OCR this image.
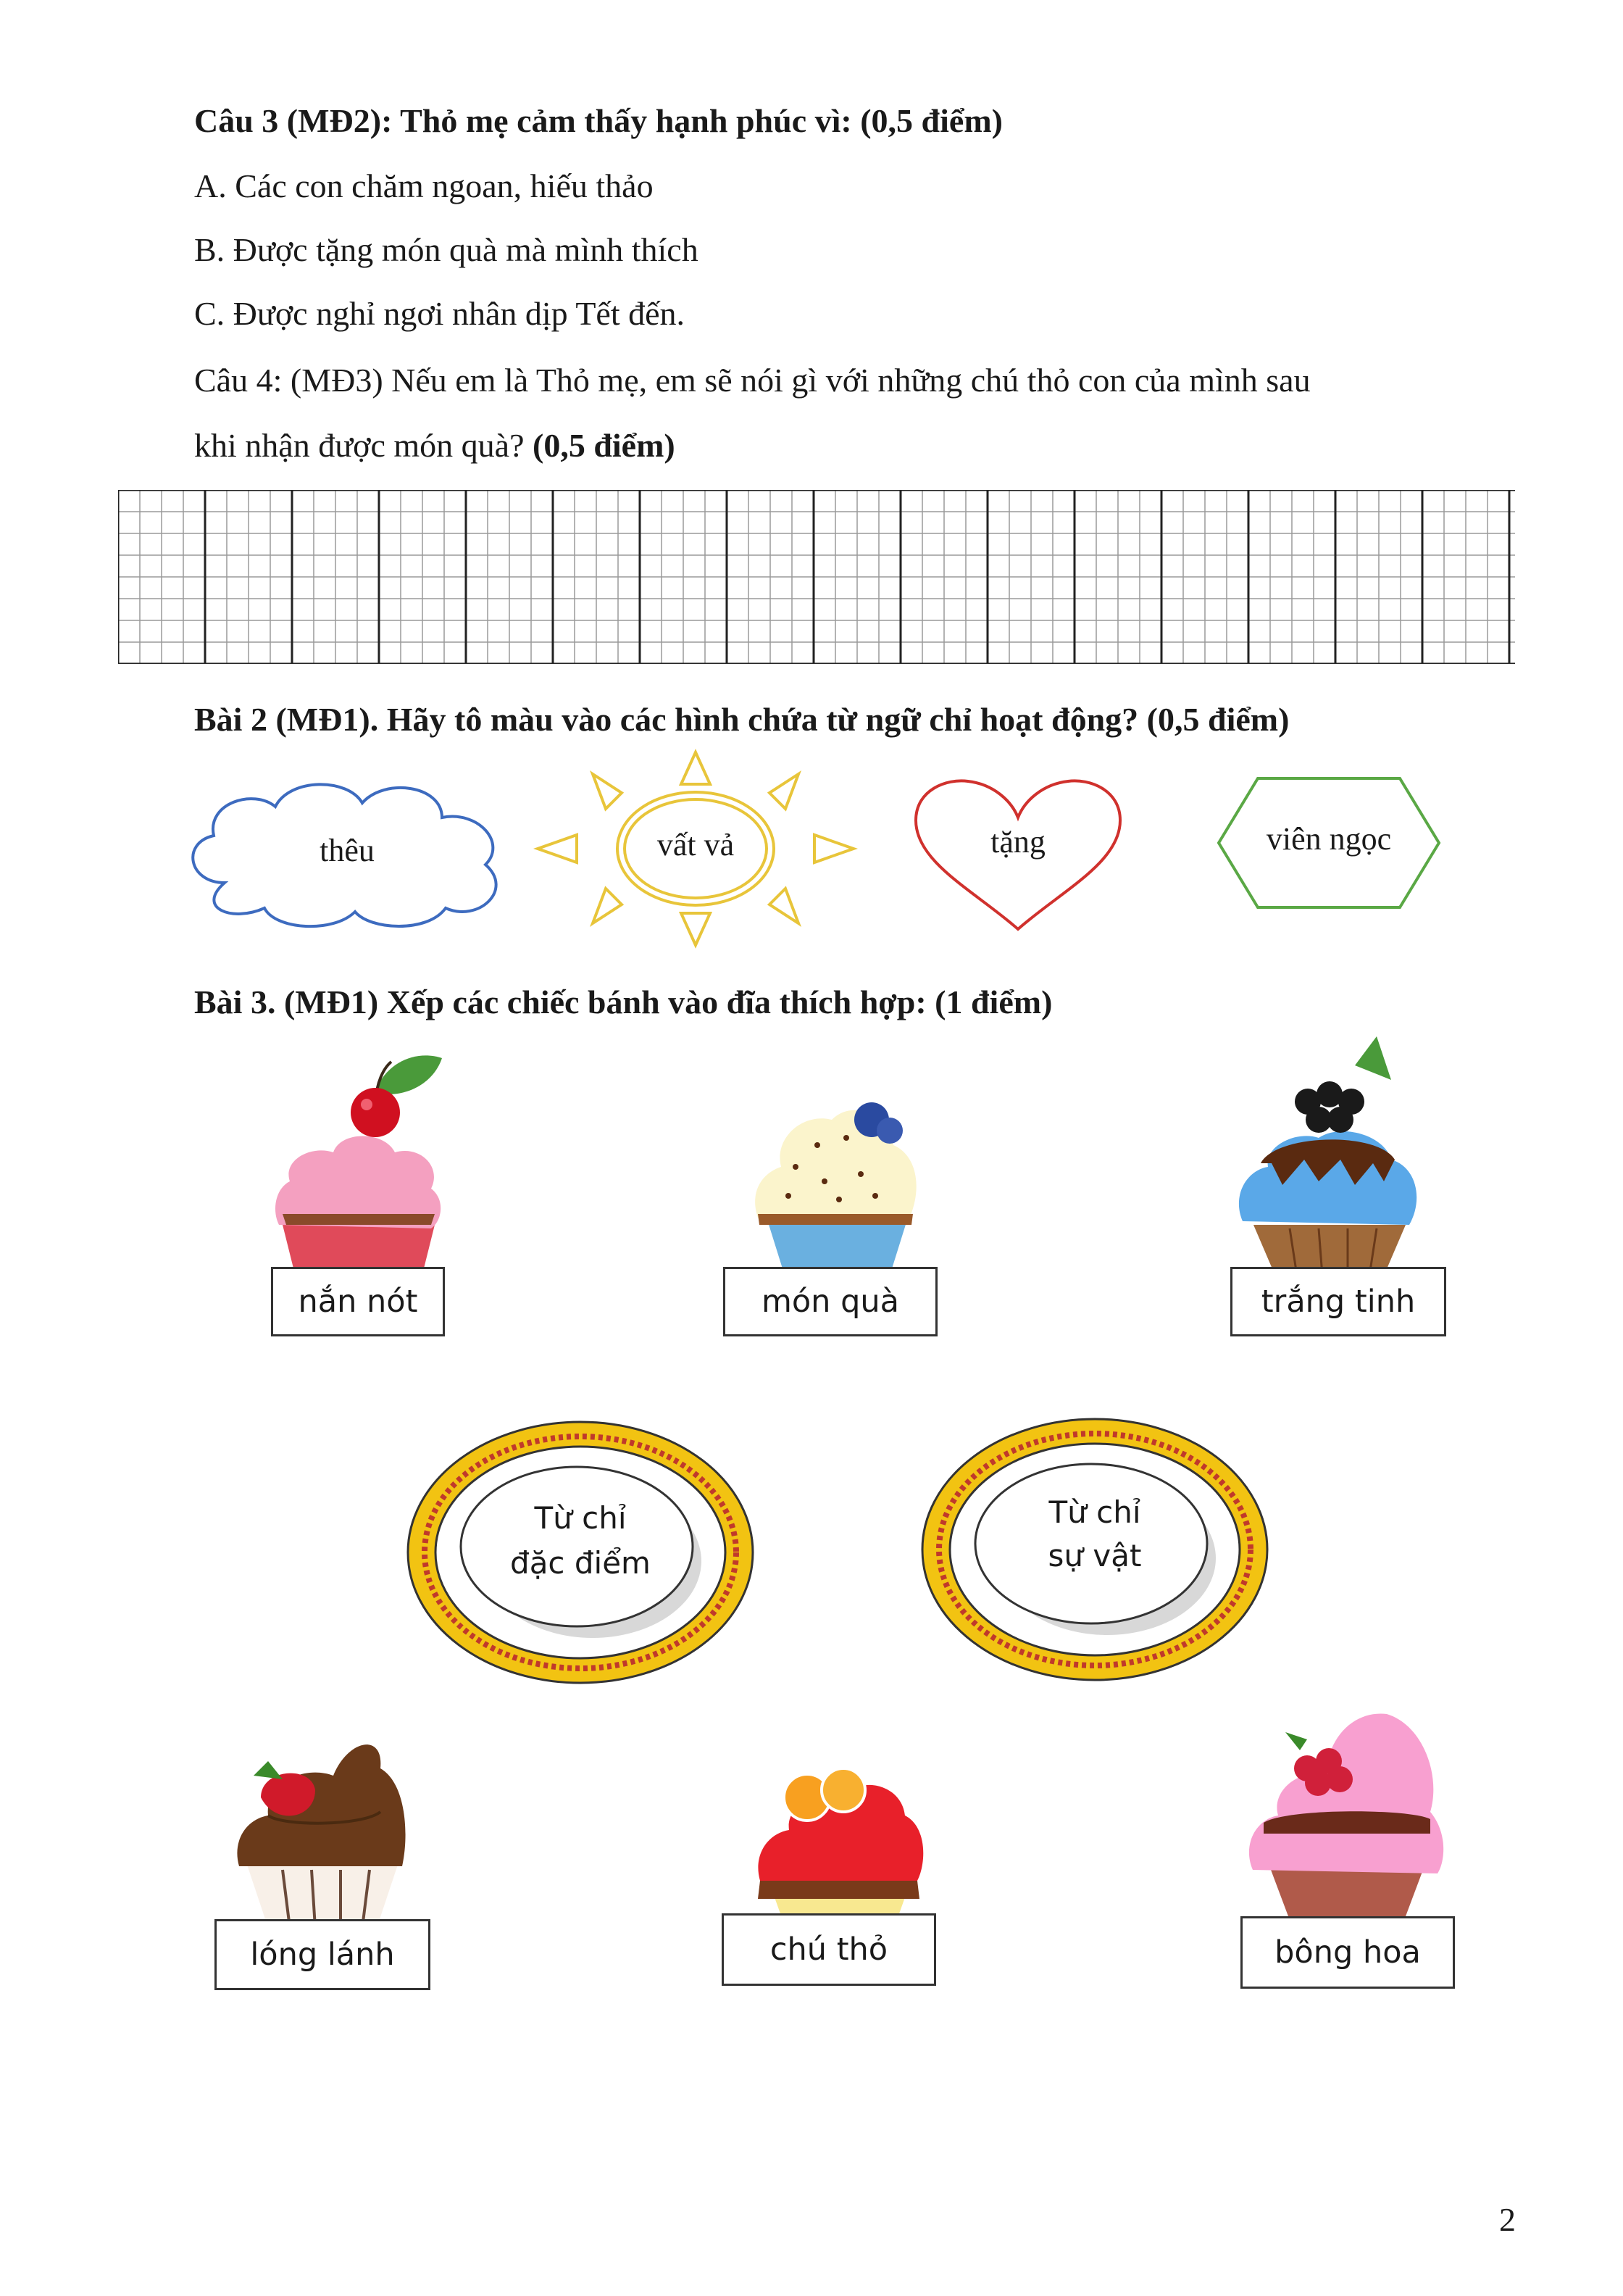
Câu 3 (MĐ2): Thỏ mẹ cảm thấy hạnh phúc vì: (0,5 điểm)
A. Các con chăm ngoan, hiếu thảo
B. Được tặng món quà mà mình thích
C. Được nghỉ ngơi nhân dịp Tết đến.
Câu 4: (MĐ3) Nếu em là Thỏ mẹ, em sẽ nói gì với những chú thỏ con của mình sau
khi nhận được món quà? (0,5 điểm)
Bài 2 (MĐ1). Hãy tô màu vào các hình chứa từ ngữ chỉ hoạt động? (0,5 điểm)
thêu	vất vả	tặng	viên ngọc
Bài 3. (MĐ1) Xếp các chiếc bánh vào đĩa thích hợp: (1 điểm)
nắn nót	món quà	trắng tinh
Từ chỉ
đặc điểm
Từ chỉ
sự vật
lóng lánh	chú thỏ	bông hoa
2
